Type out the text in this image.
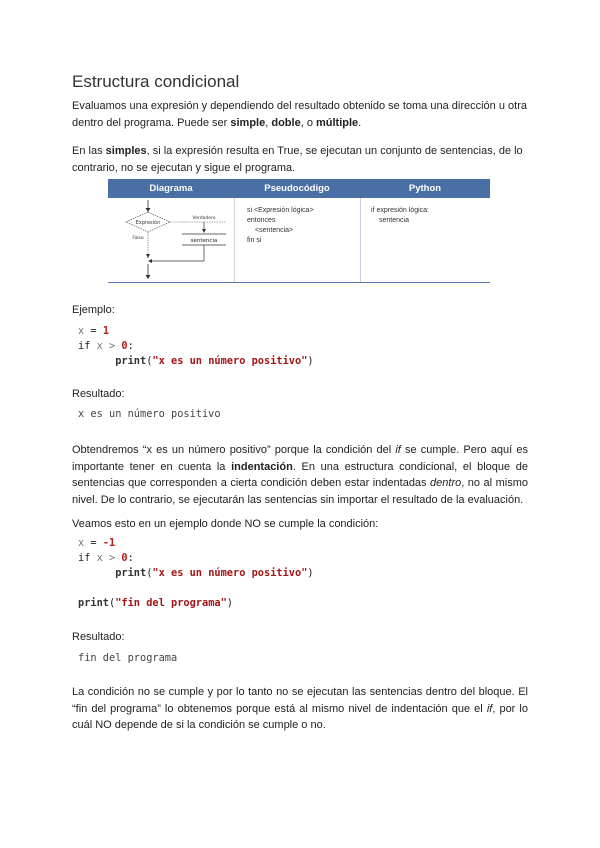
Estructura condicional

Evaluamos una expresión y dependiendo del resultado obtenido se toma una dirección u otra dentro del programa. Puede ser simple, doble, o múltiple.

En las simples, si la expresión resulta en True, se ejecutan un conjunto de sentencias, de lo contrario, no se ejecutan y sigue el programa.

Diagrama	Pseudocódigo	Python
Expresión
Verdadero
sentencia
Falso
si <Expresión lógica>
entonces
<sentencia>
fin si
if expresión lógica:
sentencia

Ejemplo:

x = 1
if x > 0:
print("x es un número positivo")

Resultado:

x es un número positivo

Obtendremos “x es un número positivo” porque la condición del if se cumple. Pero aquí es importante tener en cuenta la indentación. En una estructura condicional, el bloque de sentencias que corresponden a cierta condición deben estar indentadas dentro, no al mismo nivel. De lo contrario, se ejecutarán las sentencias sin importar el resultado de la evaluación.

Veamos esto en un ejemplo donde NO se cumple la condición:

x = -1
if x > 0:
print("x es un número positivo")

print("fin del programa")

Resultado:

fin del programa

La condición no se cumple y por lo tanto no se ejecutan las sentencias dentro del bloque. El “fin del programa” lo obtenemos porque está al mismo nivel de indentación que el if, por lo cuál NO depende de si la condición se cumple o no.
